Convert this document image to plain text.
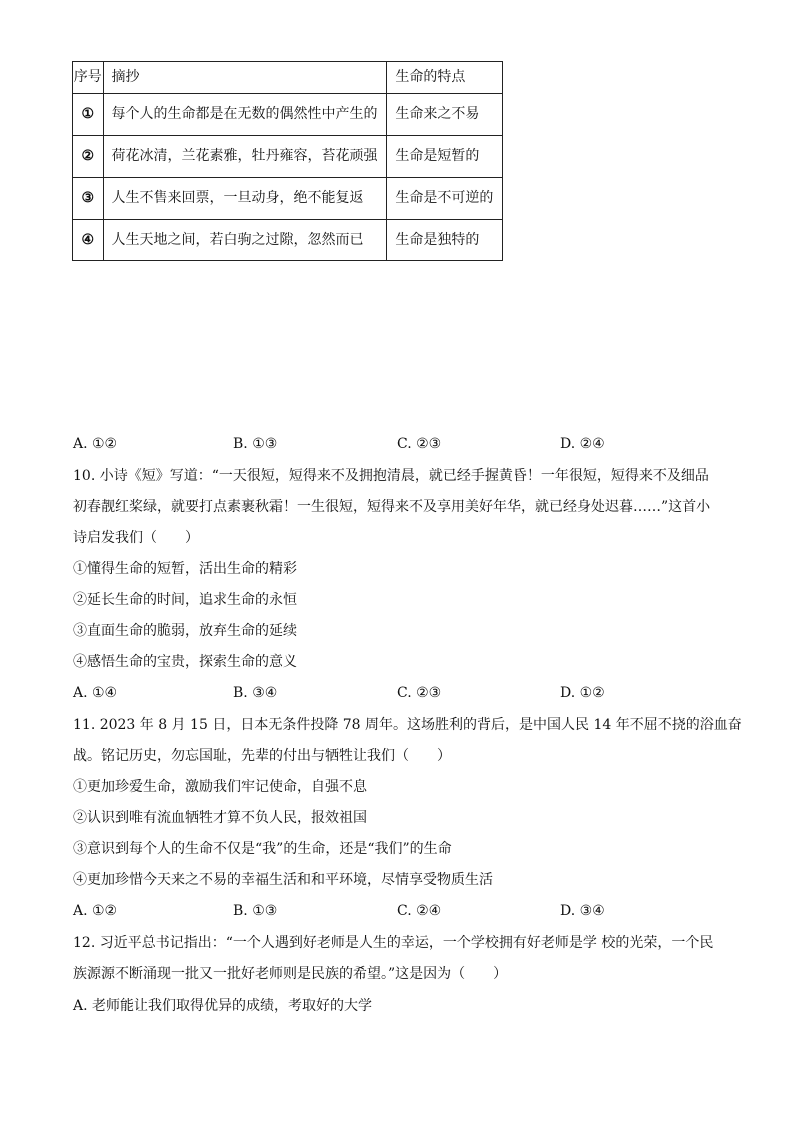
序号	摘抄	生命的特点
①	每个人的生命都是在无数的偶然性中产生的	生命来之不易
②	荷花冰清，兰花素雅，牡丹雍容，苔花顽强	生命是短暂的
③	人生不售来回票，一旦动身，绝不能复返	生命是不可逆的
④	人生天地之间，若白驹之过隙，忽然而已	生命是独特的
A. ①②	B. ①③	C. ②③	D. ②④
10. 小诗《短》写道：“一天很短，短得来不及拥抱清晨，就已经手握黄昏！一年很短，短得来不及细品
初春靓红桨绿，就要打点素裹秋霜！一生很短，短得来不及享用美好年华，就已经身处迟暮……”这首小
诗启发我们（　　）
①懂得生命的短暂，活出生命的精彩
②延长生命的时间，追求生命的永恒
③直面生命的脆弱，放弃生命的延续
④感悟生命的宝贵，探索生命的意义
A. ①④	B. ③④	C. ②③	D. ①②
11. 2023 年 8 月 15 日，日本无条件投降 78 周年。这场胜利的背后，是中国人民 14 年不屈不挠的浴血奋
战。铭记历史，勿忘国耻，先辈的付出与牺牲让我们（　　）
①更加珍爱生命，激励我们牢记使命，自强不息
②认识到唯有流血牺牲才算不负人民，报效祖国
③意识到每个人的生命不仅是“我”的生命，还是“我们”的生命
④更加珍惜今天来之不易的幸福生活和和平环境，尽情享受物质生活
A. ①②	B. ①③	C. ②④	D. ③④
12. 习近平总书记指出：“一个人遇到好老师是人生的幸运，一个学校拥有好老师是学 校的光荣，一个民
族源源不断涌现一批又一批好老师则是民族的希望。”这是因为（　　）
A. 老师能让我们取得优异的成绩，考取好的大学
